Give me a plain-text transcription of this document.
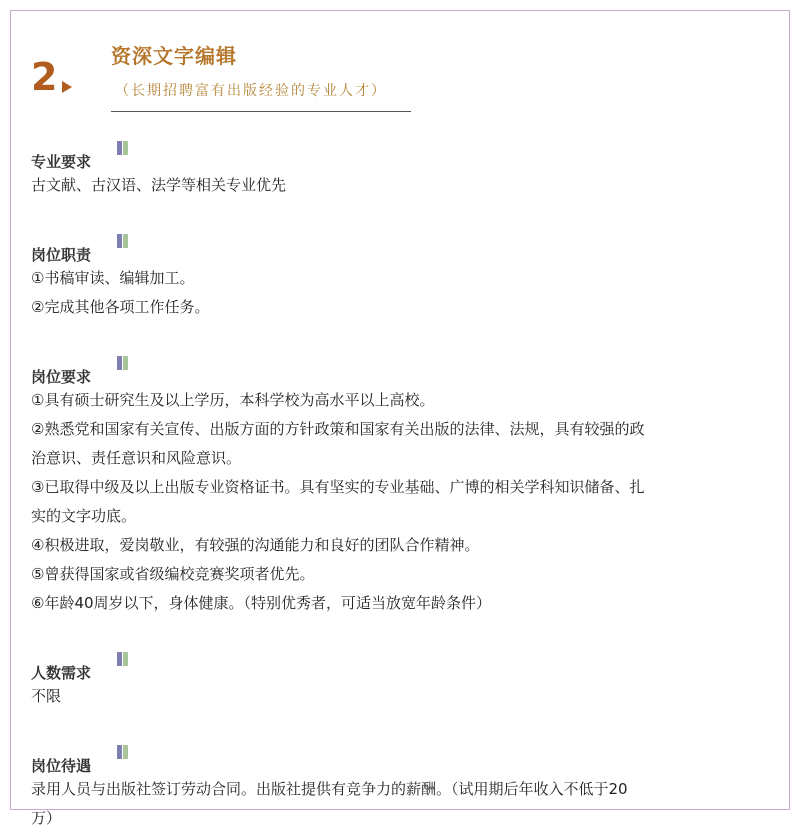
2	资深文字编辑
（长期招聘富有出版经验的专业人才）
专业要求
古文献、古汉语、法学等相关专业优先
岗位职责
①书稿审读、编辑加工。
②完成其他各项工作任务。
岗位要求
①具有硕士研究生及以上学历，本科学校为高水平以上高校。
②熟悉党和国家有关宣传、出版方面的方针政策和国家有关出版的法律、法规，具有较强的政
治意识、责任意识和风险意识。
③已取得中级及以上出版专业资格证书。具有坚实的专业基础、广博的相关学科知识储备、扎
实的文字功底。
④积极进取，爱岗敬业，有较强的沟通能力和良好的团队合作精神。
⑤曾获得国家或省级编校竞赛奖项者优先。
⑥年龄40周岁以下，身体健康。（特别优秀者，可适当放宽年龄条件）
人数需求
不限
岗位待遇
录用人员与出版社签订劳动合同。出版社提供有竞争力的薪酬。（试用期后年收入不低于20
万）
